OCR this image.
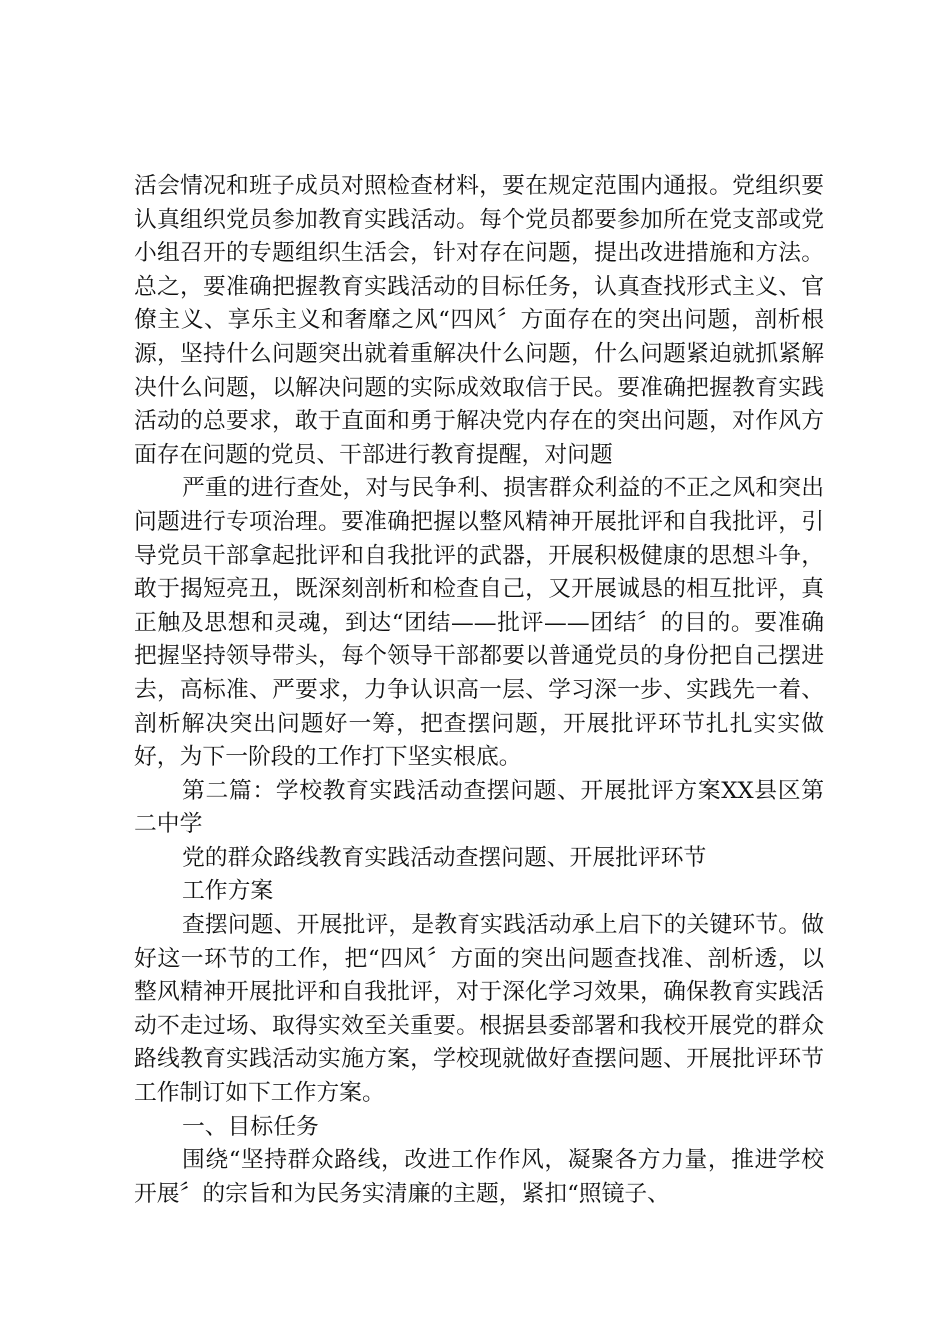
活会情况和班子成员对照检查材料，要在规定范围内通报。党组织要认真组织党员参加教育实践活动。每个党员都要参加所在党支部或党小组召开的专题组织生活会，针对存在问题，提出改进措施和方法。总之，要准确把握教育实践活动的目标任务，认真查找形式主义、官僚主义、享乐主义和奢靡之风“四风〞方面存在的突出问题，剖析根源，坚持什么问题突出就着重解决什么问题，什么问题紧迫就抓紧解决什么问题，以解决问题的实际成效取信于民。要准确把握教育实践活动的总要求，敢于直面和勇于解决党内存在的突出问题，对作风方面存在问题的党员、干部进行教育提醒，对问题

严重的进行查处，对与民争利、损害群众利益的不正之风和突出问题进行专项治理。要准确把握以整风精神开展批评和自我批评，引导党员干部拿起批评和自我批评的武器，开展积极健康的思想斗争，敢于揭短亮丑，既深刻剖析和检查自己，又开展诚恳的相互批评，真正触及思想和灵魂，到达“团结——批评——团结〞的目的。要准确把握坚持领导带头，每个领导干部都要以普通党员的身份把自己摆进去，高标准、严要求，力争认识高一层、学习深一步、实践先一着、剖析解决突出问题好一筹，把查摆问题，开展批评环节扎扎实实做好，为下一阶段的工作打下坚实根底。

第二篇：学校教育实践活动查摆问题、开展批评方案XX县区第二中学

党的群众路线教育实践活动查摆问题、开展批评环节

工作方案

查摆问题、开展批评，是教育实践活动承上启下的关键环节。做好这一环节的工作，把“四风〞方面的突出问题查找准、剖析透，以整风精神开展批评和自我批评，对于深化学习效果，确保教育实践活动不走过场、取得实效至关重要。根据县委部署和我校开展党的群众路线教育实践活动实施方案，学校现就做好查摆问题、开展批评环节工作制订如下工作方案。

一、目标任务

围绕“坚持群众路线，改进工作作风，凝聚各方力量，推进学校开展〞的宗旨和为民务实清廉的主题，紧扣“照镜子、
